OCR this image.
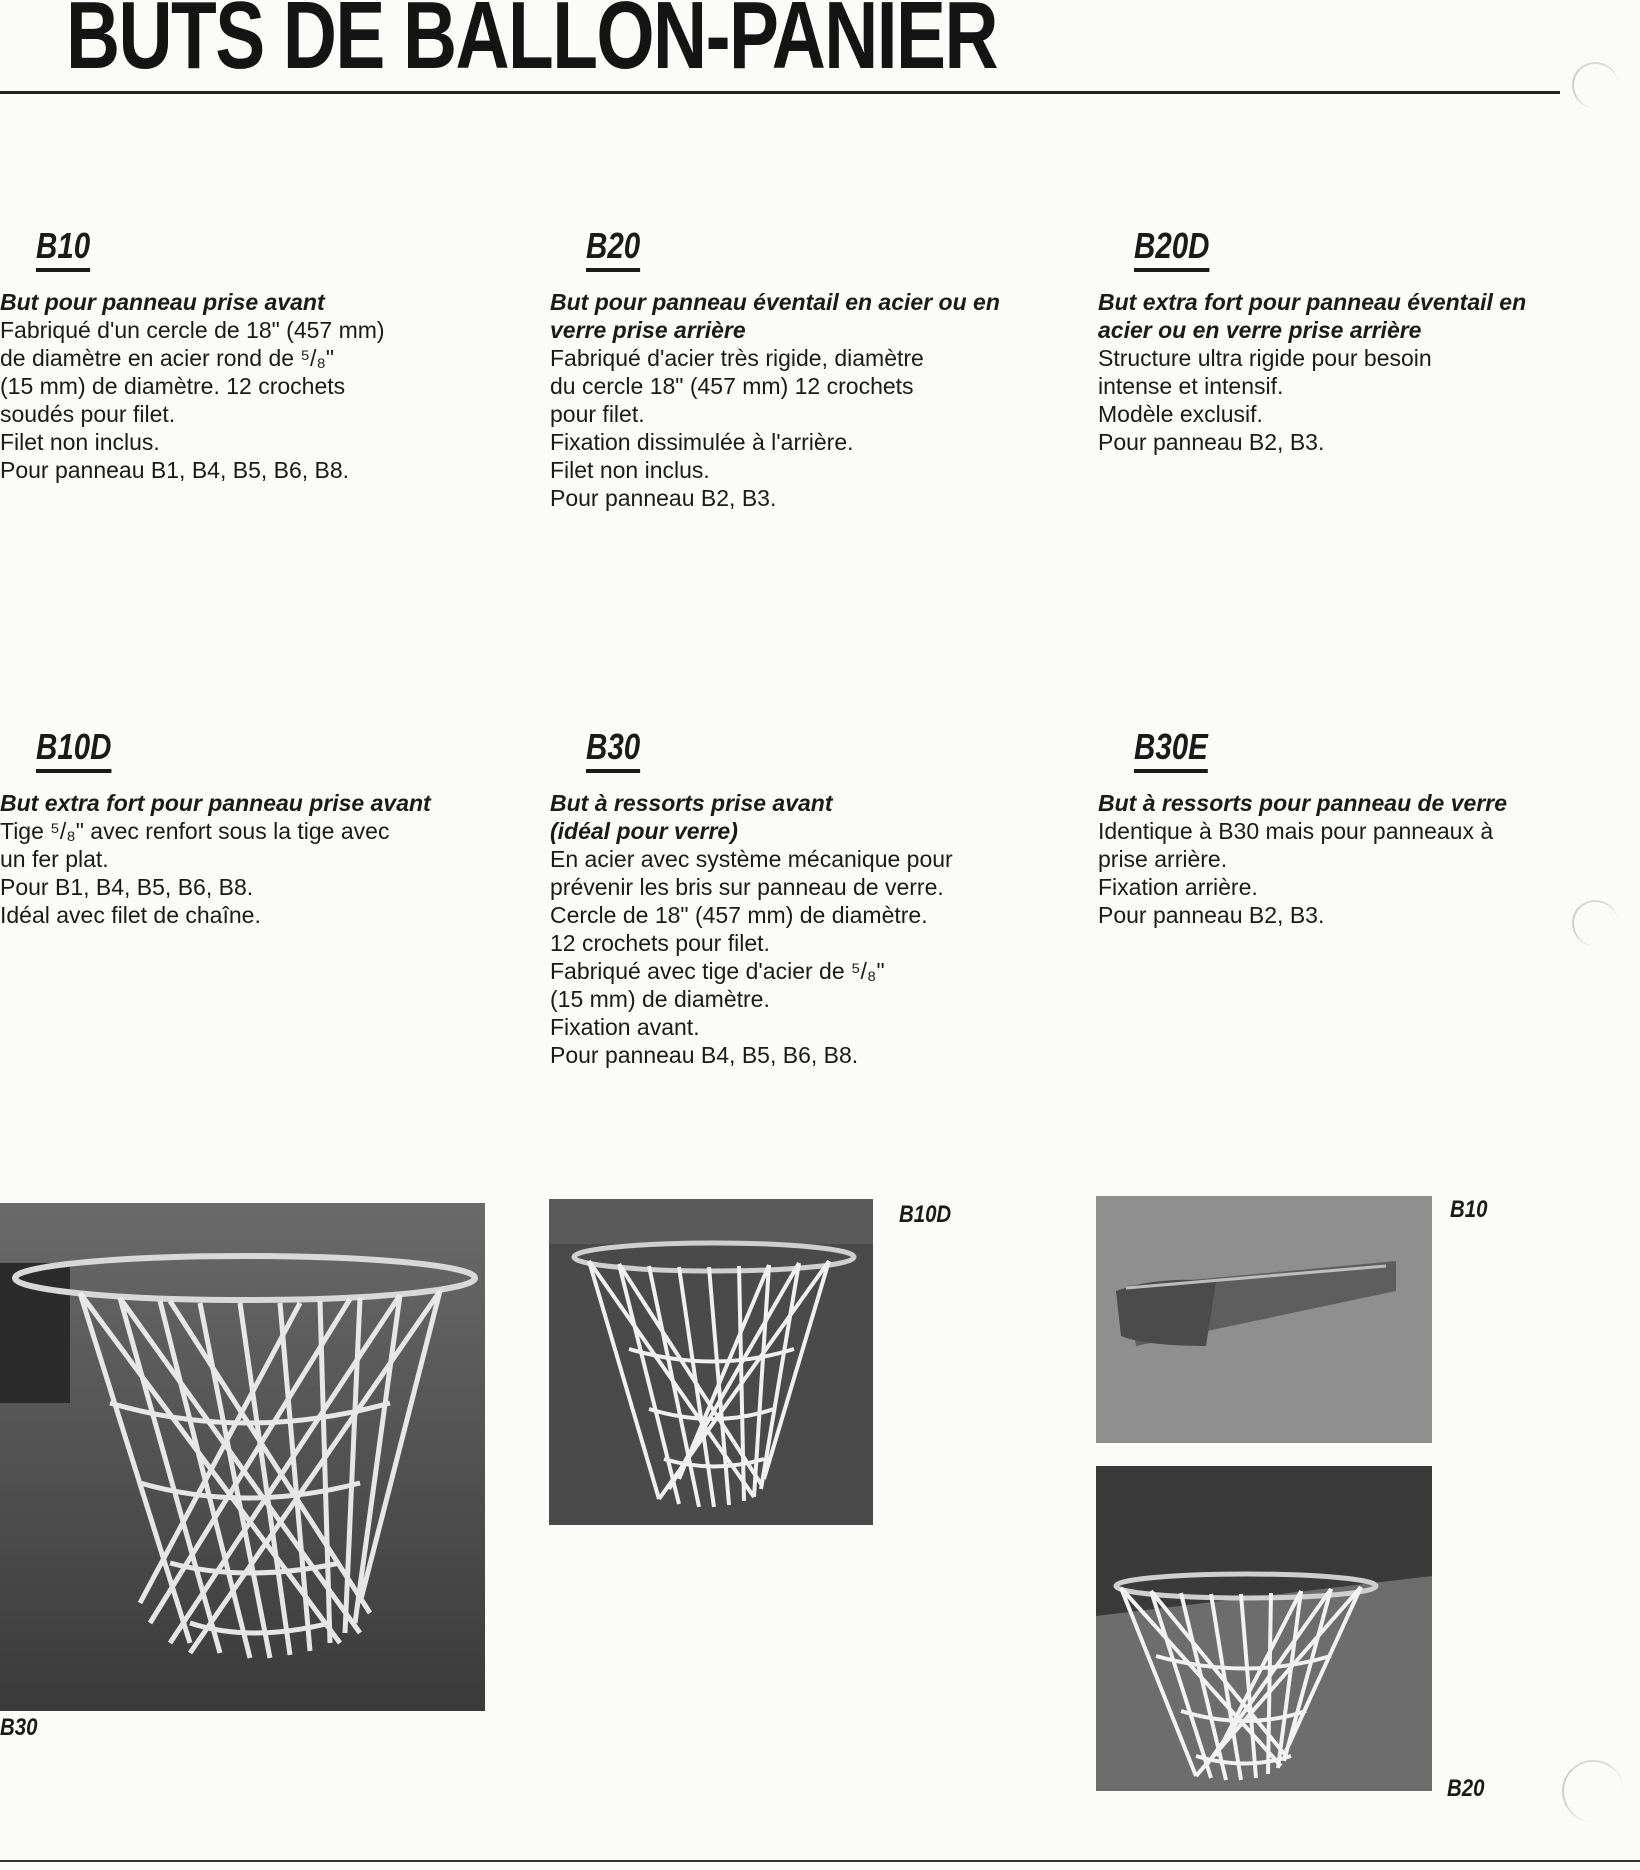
BUTS DE BALLON-PANIER
B10
But pour panneau prise avant
Fabriqué d'un cercle de 18" (457 mm)
de diamètre en acier rond de ⁵/₈"
(15 mm) de diamètre. 12 crochets
soudés pour filet.
Filet non inclus.
Pour panneau B1, B4, B5, B6, B8.
B20
But pour panneau éventail en acier ou en verre prise arrière
Fabriqué d'acier très rigide, diamètre
du cercle 18" (457 mm) 12 crochets
pour filet.
Fixation dissimulée à l'arrière.
Filet non inclus.
Pour panneau B2, B3.
B20D
But extra fort pour panneau éventail en acier ou en verre prise arrière
Structure ultra rigide pour besoin
intense et intensif.
Modèle exclusif.
Pour panneau B2, B3.
B10D
But extra fort pour panneau prise avant
Tige ⁵/₈" avec renfort sous la tige avec
un fer plat.
Pour B1, B4, B5, B6, B8.
Idéal avec filet de chaîne.
B30
But à ressorts prise avant (idéal pour verre)
En acier avec système mécanique pour
prévenir les bris sur panneau de verre.
Cercle de 18" (457 mm) de diamètre.
12 crochets pour filet.
Fabriqué avec tige d'acier de ⁵/₈"
(15 mm) de diamètre.
Fixation avant.
Pour panneau B4, B5, B6, B8.
B30E
But à ressorts pour panneau de verre
Identique à B30 mais pour panneaux à
prise arrière.
Fixation arrière.
Pour panneau B2, B3.
B30
B10D	B10
B20
